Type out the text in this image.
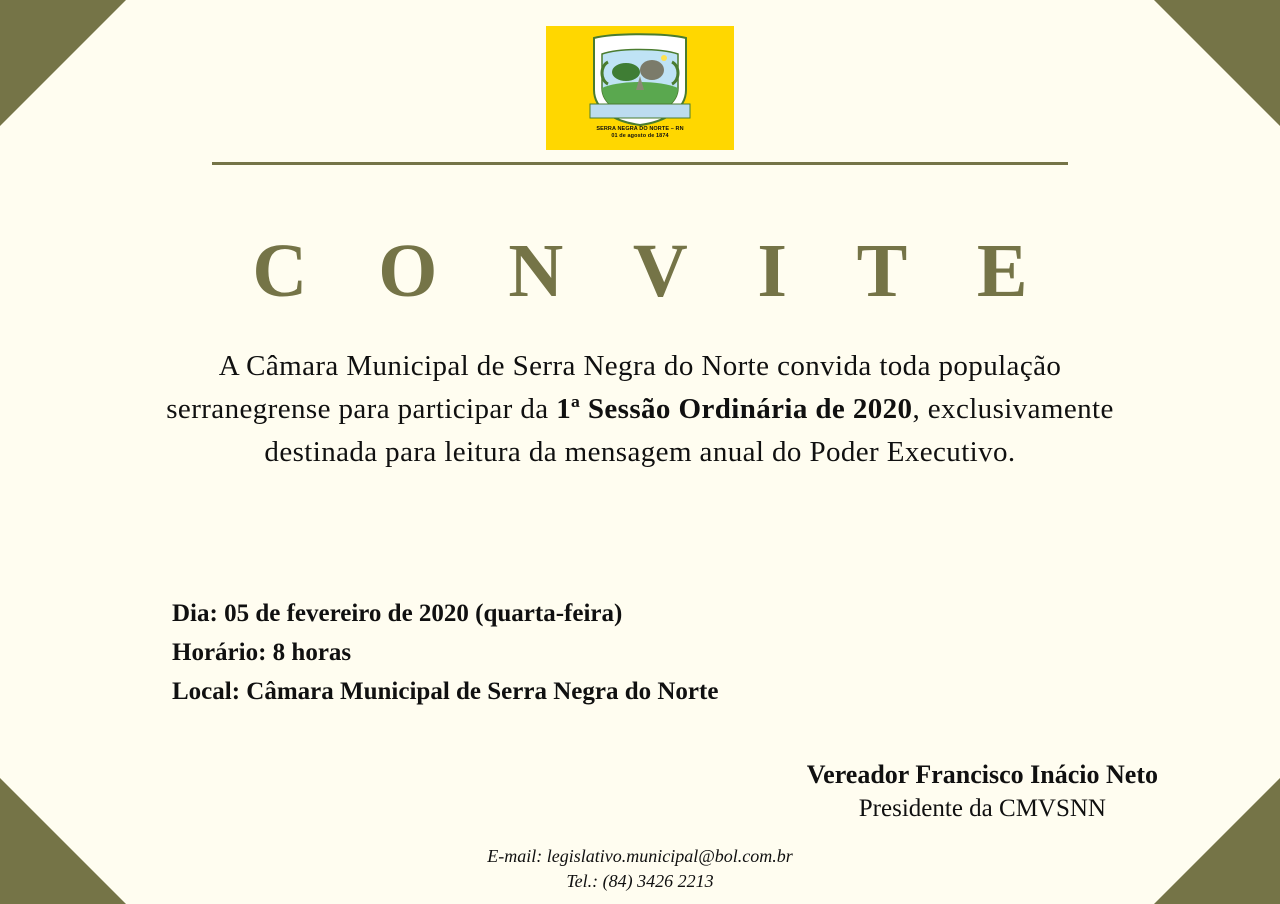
SERRA NEGRA DO NORTE – RN
01 de agosto de 1874
C O N V I T E
A Câmara Municipal de Serra Negra do Norte convida toda população serranegrense para participar da 1ª Sessão Ordinária de 2020, exclusivamente destinada para leitura da mensagem anual do Poder Executivo.
Dia: 05 de fevereiro de 2020 (quarta-feira)
Horário: 8 horas
Local: Câmara Municipal de Serra Negra do Norte
Vereador Francisco Inácio Neto
Presidente da CMVSNN
E-mail: legislativo.municipal@bol.com.br
Tel.: (84) 3426 2213
